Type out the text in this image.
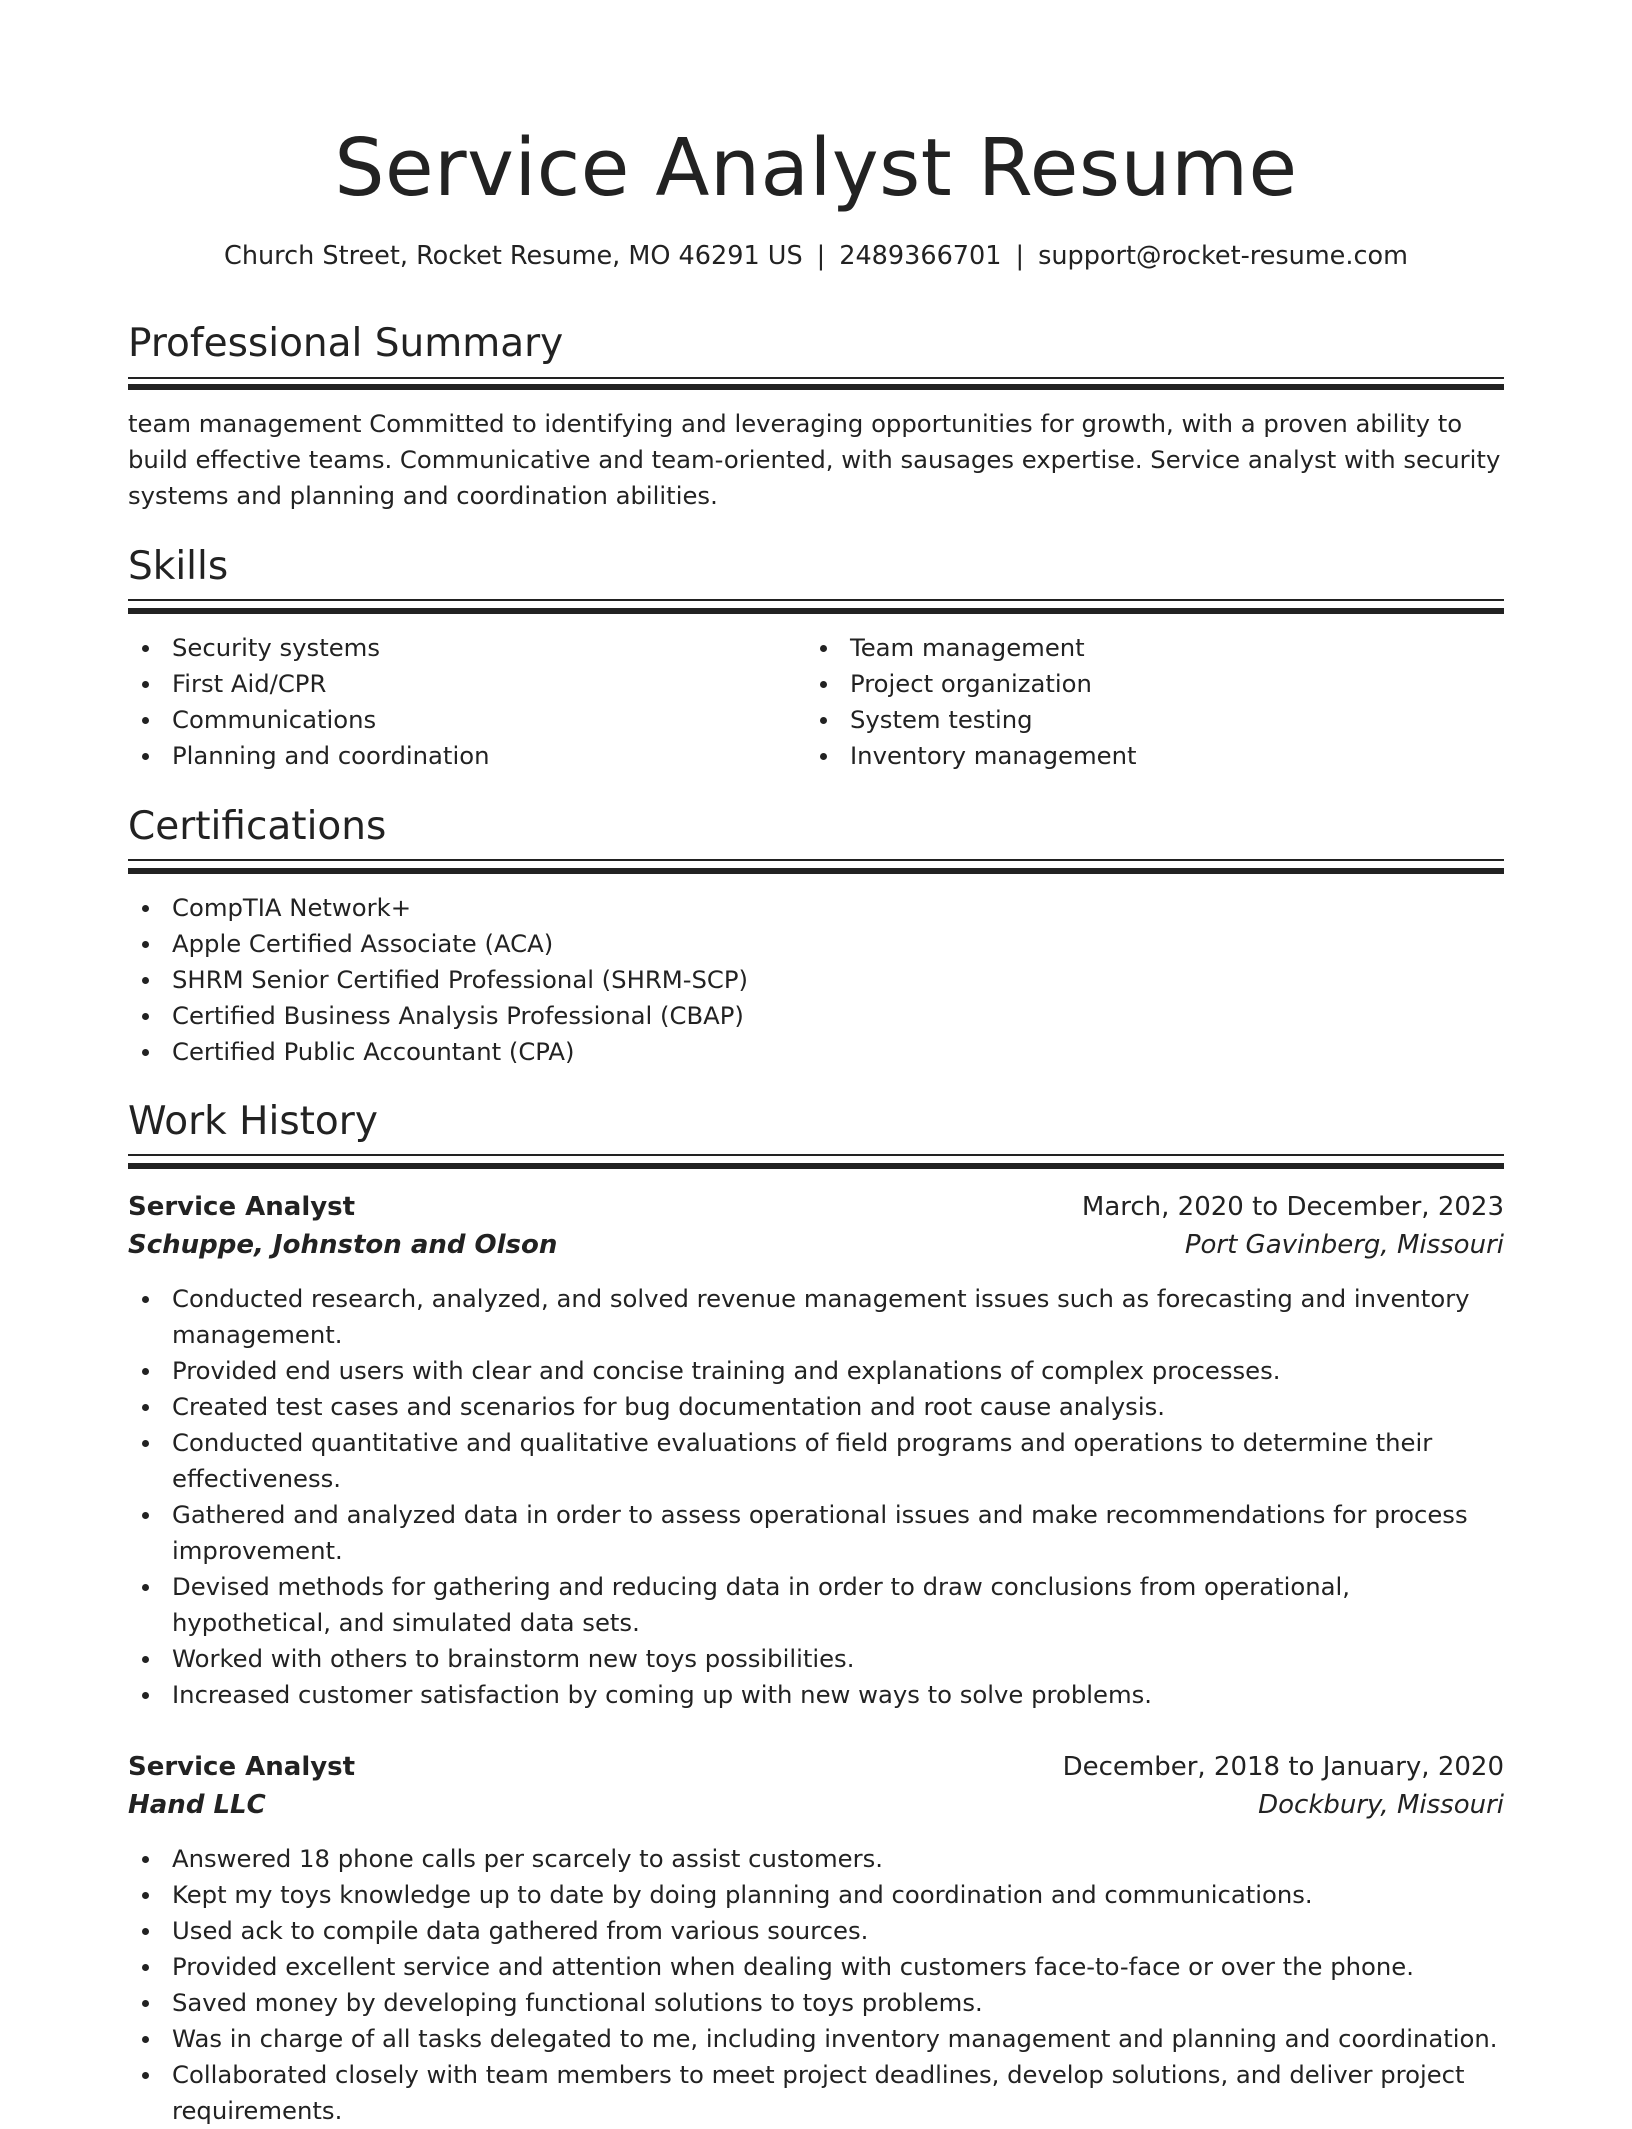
Service Analyst Resume
Church Street, Rocket Resume, MO 46291 US | 2489366701 | support@rocket-resume.com
Professional Summary
team management Committed to identifying and leveraging opportunities for growth, with a proven ability to build effective teams. Communicative and team-oriented, with sausages expertise. Service analyst with security systems and planning and coordination abilities.
Skills
Security systems
First Aid/CPR
Communications
Planning and coordination
Team management
Project organization
System testing
Inventory management
Certifications
CompTIA Network+
Apple Certified Associate (ACA)
SHRM Senior Certified Professional (SHRM-SCP)
Certified Business Analysis Professional (CBAP)
Certified Public Accountant (CPA)
Work History
Service Analyst	March, 2020 to December, 2023
Schuppe, Johnston and Olson	Port Gavinberg, Missouri
Conducted research, analyzed, and solved revenue management issues such as forecasting and inventory management.
Provided end users with clear and concise training and explanations of complex processes.
Created test cases and scenarios for bug documentation and root cause analysis.
Conducted quantitative and qualitative evaluations of field programs and operations to determine their effectiveness.
Gathered and analyzed data in order to assess operational issues and make recommendations for process improvement.
Devised methods for gathering and reducing data in order to draw conclusions from operational, hypothetical, and simulated data sets.
Worked with others to brainstorm new toys possibilities.
Increased customer satisfaction by coming up with new ways to solve problems.
Service Analyst	December, 2018 to January, 2020
Hand LLC	Dockbury, Missouri
Answered 18 phone calls per scarcely to assist customers.
Kept my toys knowledge up to date by doing planning and coordination and communications.
Used ack to compile data gathered from various sources.
Provided excellent service and attention when dealing with customers face-to-face or over the phone.
Saved money by developing functional solutions to toys problems.
Was in charge of all tasks delegated to me, including inventory management and planning and coordination.
Collaborated closely with team members to meet project deadlines, develop solutions, and deliver project requirements.
